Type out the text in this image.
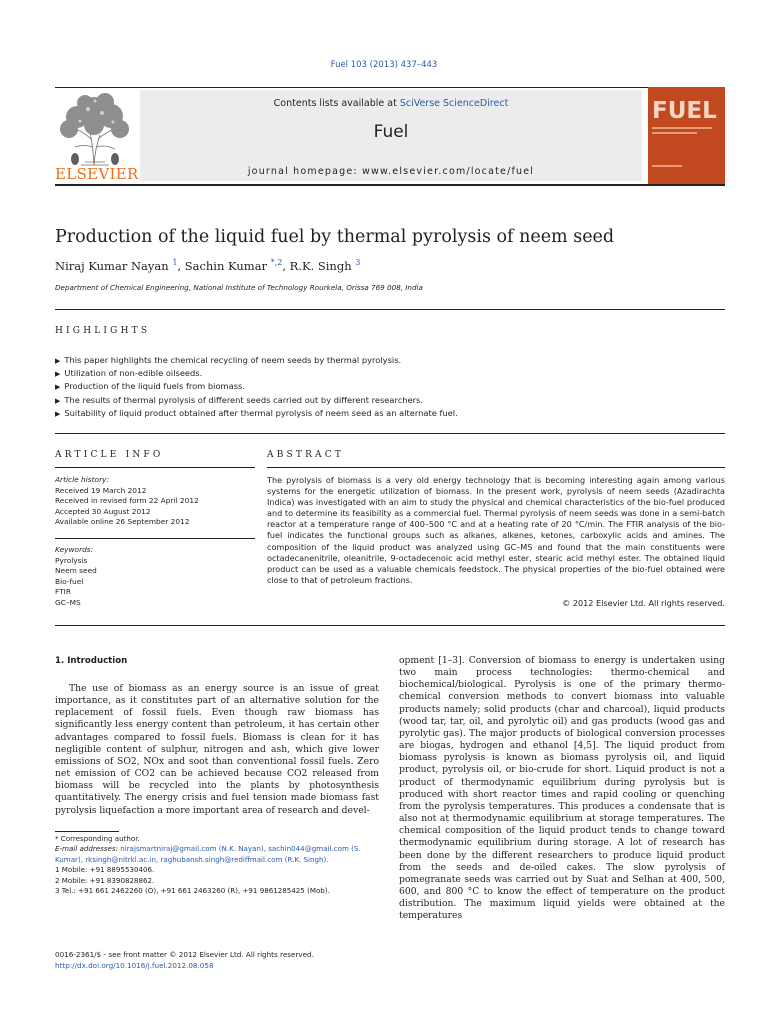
Fuel 103 (2013) 437–443
ELSEVIER
Contents lists available at SciVerse ScienceDirect
Fuel
journal homepage: www.elsevier.com/locate/fuel
FUEL
Production of the liquid fuel by thermal pyrolysis of neem seed
Niraj Kumar Nayan $^1$, Sachin Kumar $^{*,2}$, R.K. Singh $^3$
Department of Chemical Engineering, National Institute of Technology Rourkela, Orissa 769 008, India
HIGHLIGHTS
▶ This paper highlights the chemical recycling of neem seeds by thermal pyrolysis.
▶ Utilization of non-edible oilseeds.
▶ Production of the liquid fuels from biomass.
▶ The results of thermal pyrolysis of different seeds carried out by different researchers.
▶ Suitability of liquid product obtained after thermal pyrolysis of neem seed as an alternate fuel.
ARTICLE INFO	ABSTRACT
Article history:
Received 19 March 2012
Received in revised form 22 April 2012
Accepted 30 August 2012
Available online 26 September 2012
Keywords:
Pyrolysis
Neem seed
Bio-fuel
FTIR
GC–MS
The pyrolysis of biomass is a very old energy technology that is becoming interesting again among various systems for the energetic utilization of biomass. In the present work, pyrolysis of neem seeds (Azadirachta Indica) was investigated with an aim to study the physical and chemical characteristics of the bio-fuel produced and to determine its feasibility as a commercial fuel. Thermal pyrolysis of neem seeds was done in a semi-batch reactor at a temperature range of 400–500 °C and at a heating rate of 20 °C/min. The FTIR analysis of the bio-fuel indicates the functional groups such as alkanes, alkenes, ketones, carboxylic acids and amines. The composition of the liquid product was analyzed using GC–MS and found that the main constituents were octadecanenitrile, oleanitrile, 9-octadecenoic acid methyl ester, stearic acid methyl ester. The obtained liquid product can be used as a valuable chemicals feedstock. The physical properties of the bio-fuel obtained were close to that of petroleum fractions.
© 2012 Elsevier Ltd. All rights reserved.
1. Introduction
The use of biomass as an energy source is an issue of great importance, as it constitutes part of an alternative solution for the replacement of fossil fuels. Even though raw biomass has significantly less energy content than petroleum, it has certain other advantages compared to fossil fuels. Biomass is clean for it has negligible content of sulphur, nitrogen and ash, which give lower emissions of SO2, NOx and soot than conventional fossil fuels. Zero net emission of CO2 can be achieved because CO2 released from biomass will be recycled into the plants by photosynthesis quantitatively. The energy crisis and fuel tension made biomass fast pyrolysis liquefaction a more important area of research and devel-
opment [1–3]. Conversion of biomass to energy is undertaken using two main process technologies: thermo-chemical and biochemical/biological. Pyrolysis is one of the primary thermo-chemical conversion methods to convert biomass into valuable products namely; solid products (char and charcoal), liquid products (wood tar, tar, oil, and pyrolytic oil) and gas products (wood gas and pyrolytic gas). The major products of biological conversion processes are biogas, hydrogen and ethanol [4,5]. The liquid product from biomass pyrolysis is known as biomass pyrolysis oil, and liquid product, pyrolysis oil, or bio-crude for short. Liquid product is not a product of thermodynamic equilibrium during pyrolysis but is produced with short reactor times and rapid cooling or quenching from the pyrolysis temperatures. This produces a condensate that is also not at thermodynamic equilibrium at storage temperatures. The chemical composition of the liquid product tends to change toward thermodynamic equilibrium during storage. A lot of research has been done by the different researchers to produce liquid product from the seeds and de-oiled cakes. The slow pyrolysis of pomegranate seeds was carried out by Suat and Selhan at 400, 500, 600, and 800 °C to know the effect of temperature on the product distribution. The maximum liquid yields were obtained at the temperatures
* Corresponding author.
E-mail addresses: nirajsmartniraj@gmail.com (N.K. Nayan), sachin044@gmail.com (S. Kumar), rksingh@nitrkl.ac.in, raghubansh.singh@rediffmail.com (R.K. Singh).
1 Mobile: +91 8895530406.
2 Mobile: +91 8390828862.
3 Tel.: +91 661 2462260 (O), +91 661 2463260 (R), +91 9861285425 (Mob).
0016-2361/$ - see front matter © 2012 Elsevier Ltd. All rights reserved.
http://dx.doi.org/10.1016/j.fuel.2012.08.058
